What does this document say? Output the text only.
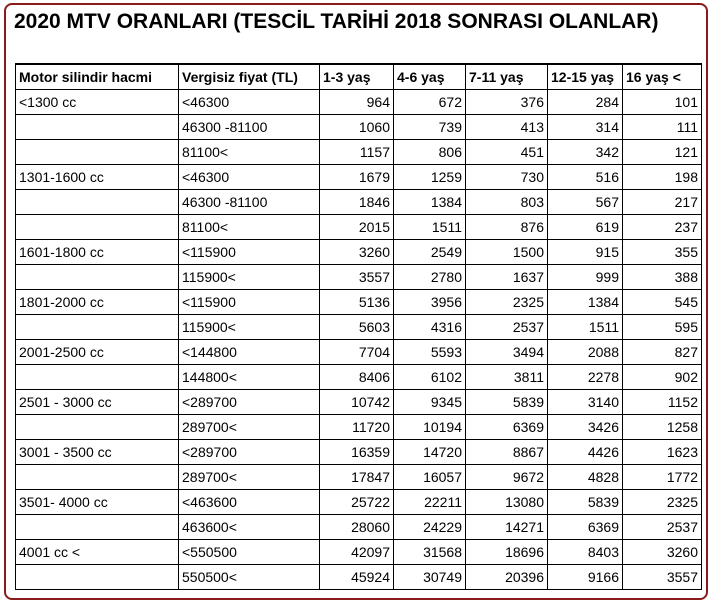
2020 MTV ORANLARI (TESCİL TARİHİ 2018 SONRASI OLANLAR)
Motor silindir hacmi	Vergisiz fiyat (TL)	1-3 yaş	4-6 yaş	7-11 yaş	12-15 yaş	16 yaş <
<1300 cc	<46300	964	672	376	284	101
	46300 -81100	1060	739	413	314	111
	81100<	1157	806	451	342	121
1301-1600 cc	<46300	1679	1259	730	516	198
	46300 -81100	1846	1384	803	567	217
	81100<	2015	1511	876	619	237
1601-1800 cc	<115900	3260	2549	1500	915	355
	115900<	3557	2780	1637	999	388
1801-2000 cc	<115900	5136	3956	2325	1384	545
	115900<	5603	4316	2537	1511	595
2001-2500 cc	<144800	7704	5593	3494	2088	827
	144800<	8406	6102	3811	2278	902
2501 - 3000 cc	<289700	10742	9345	5839	3140	1152
	289700<	11720	10194	6369	3426	1258
3001 - 3500 cc	<289700	16359	14720	8867	4426	1623
	289700<	17847	16057	9672	4828	1772
3501- 4000 cc	<463600	25722	22211	13080	5839	2325
	463600<	28060	24229	14271	6369	2537
4001 cc <	<550500	42097	31568	18696	8403	3260
	550500<	45924	30749	20396	9166	3557
